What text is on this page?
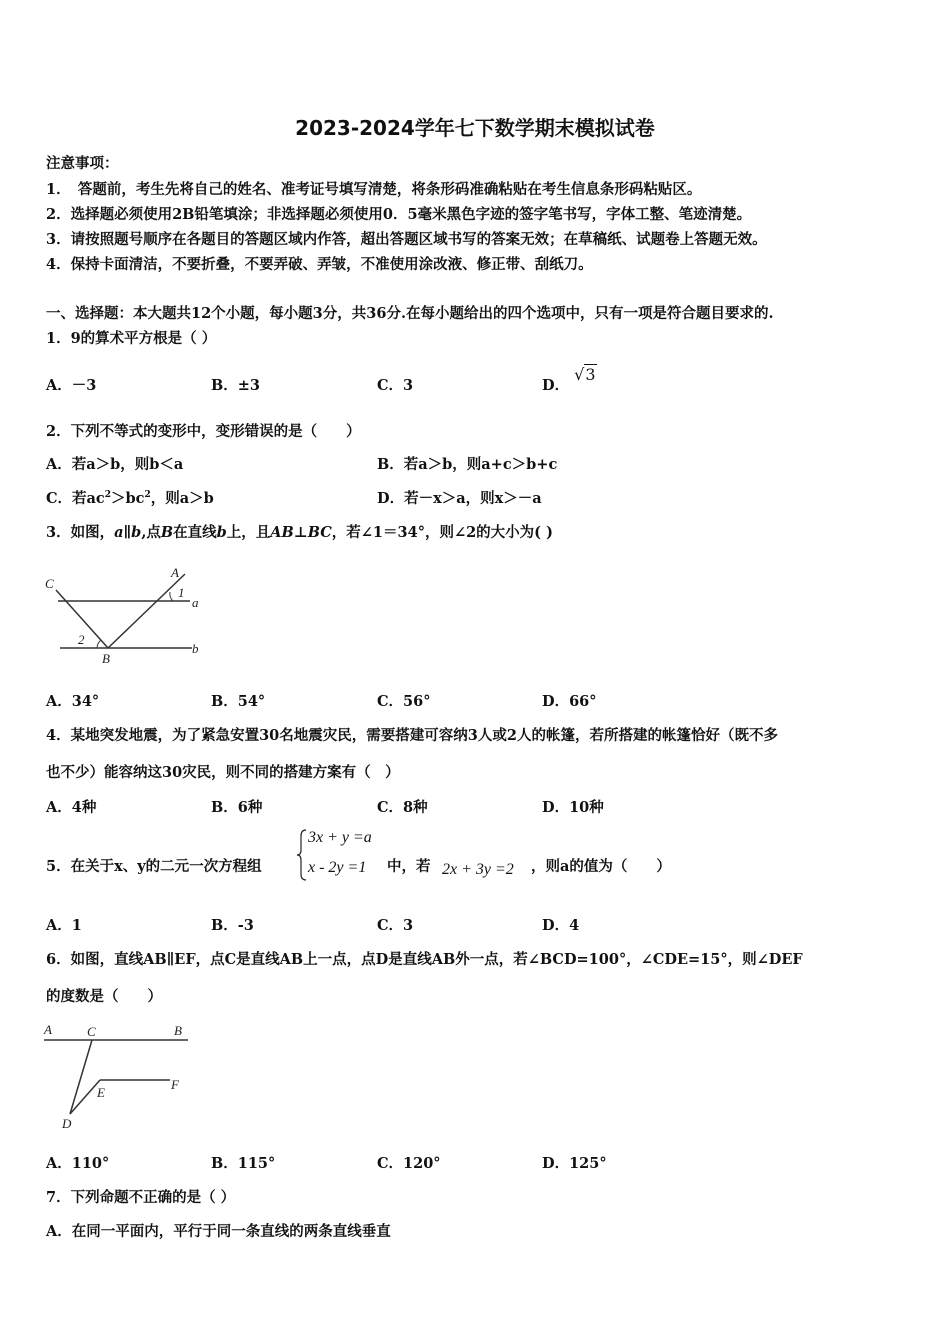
2023-2024学年七下数学期末模拟试卷
注意事项：
1．　答题前，考生先将自己的姓名、准考证号填写清楚，将条形码准确粘贴在考生信息条形码粘贴区。
2．选择题必须使用2B铅笔填涂；非选择题必须使用0．5毫米黑色字迹的签字笔书写，字体工整、笔迹清楚。
3．请按照题号顺序在各题目的答题区域内作答，超出答题区域书写的答案无效；在草稿纸、试题卷上答题无效。
4．保持卡面清洁，不要折叠，不要弄破、弄皱，不准使用涂改液、修正带、刮纸刀。
一、选择题：本大题共12个小题，每小题3分，共36分.在每小题给出的四个选项中，只有一项是符合题目要求的.
1．9的算术平方根是（ ）
A．－3	B．±3	C．3	D． √3
2．下列不等式的变形中，变形错误的是（　　）
A．若a＞b，则b＜a	B．若a＞b，则a+c＞b+c
C．若$ac^2>bc^2$，则a＞b	D．若－x＞a，则x＞－a
3．如图，a∥b,点B在直线b上，且AB⊥BC，若∠1＝34°，则∠2的大小为( )
C
A
1
a
2
B
b
A．34°	B．54°	C．56°	D．66°
4．某地突发地震，为了紧急安置30名地震灾民，需要搭建可容纳3人或2人的帐篷，若所搭建的帐篷恰好（既不多
也不少）能容纳这30灾民，则不同的搭建方案有（　）
A．4种	B．6种	C．8种	D．10种
5．在关于x、y的二元一次方程组
3x + y =a
x - 2y =1 中，若 2x + 3y =2 ，则a的值为（　　）
A．1	B．-3	C．3	D．4
6．如图，直线AB∥EF，点C是直线AB上一点，点D是直线AB外一点，若∠BCD=100°，∠CDE=15°，则∠DEF
的度数是（　　）
A	C	B
E
F
D
A．110°	B．115°	C．120°	D．125°
7．下列命题不正确的是（ ）
A．在同一平面内，平行于同一条直线的两条直线垂直
